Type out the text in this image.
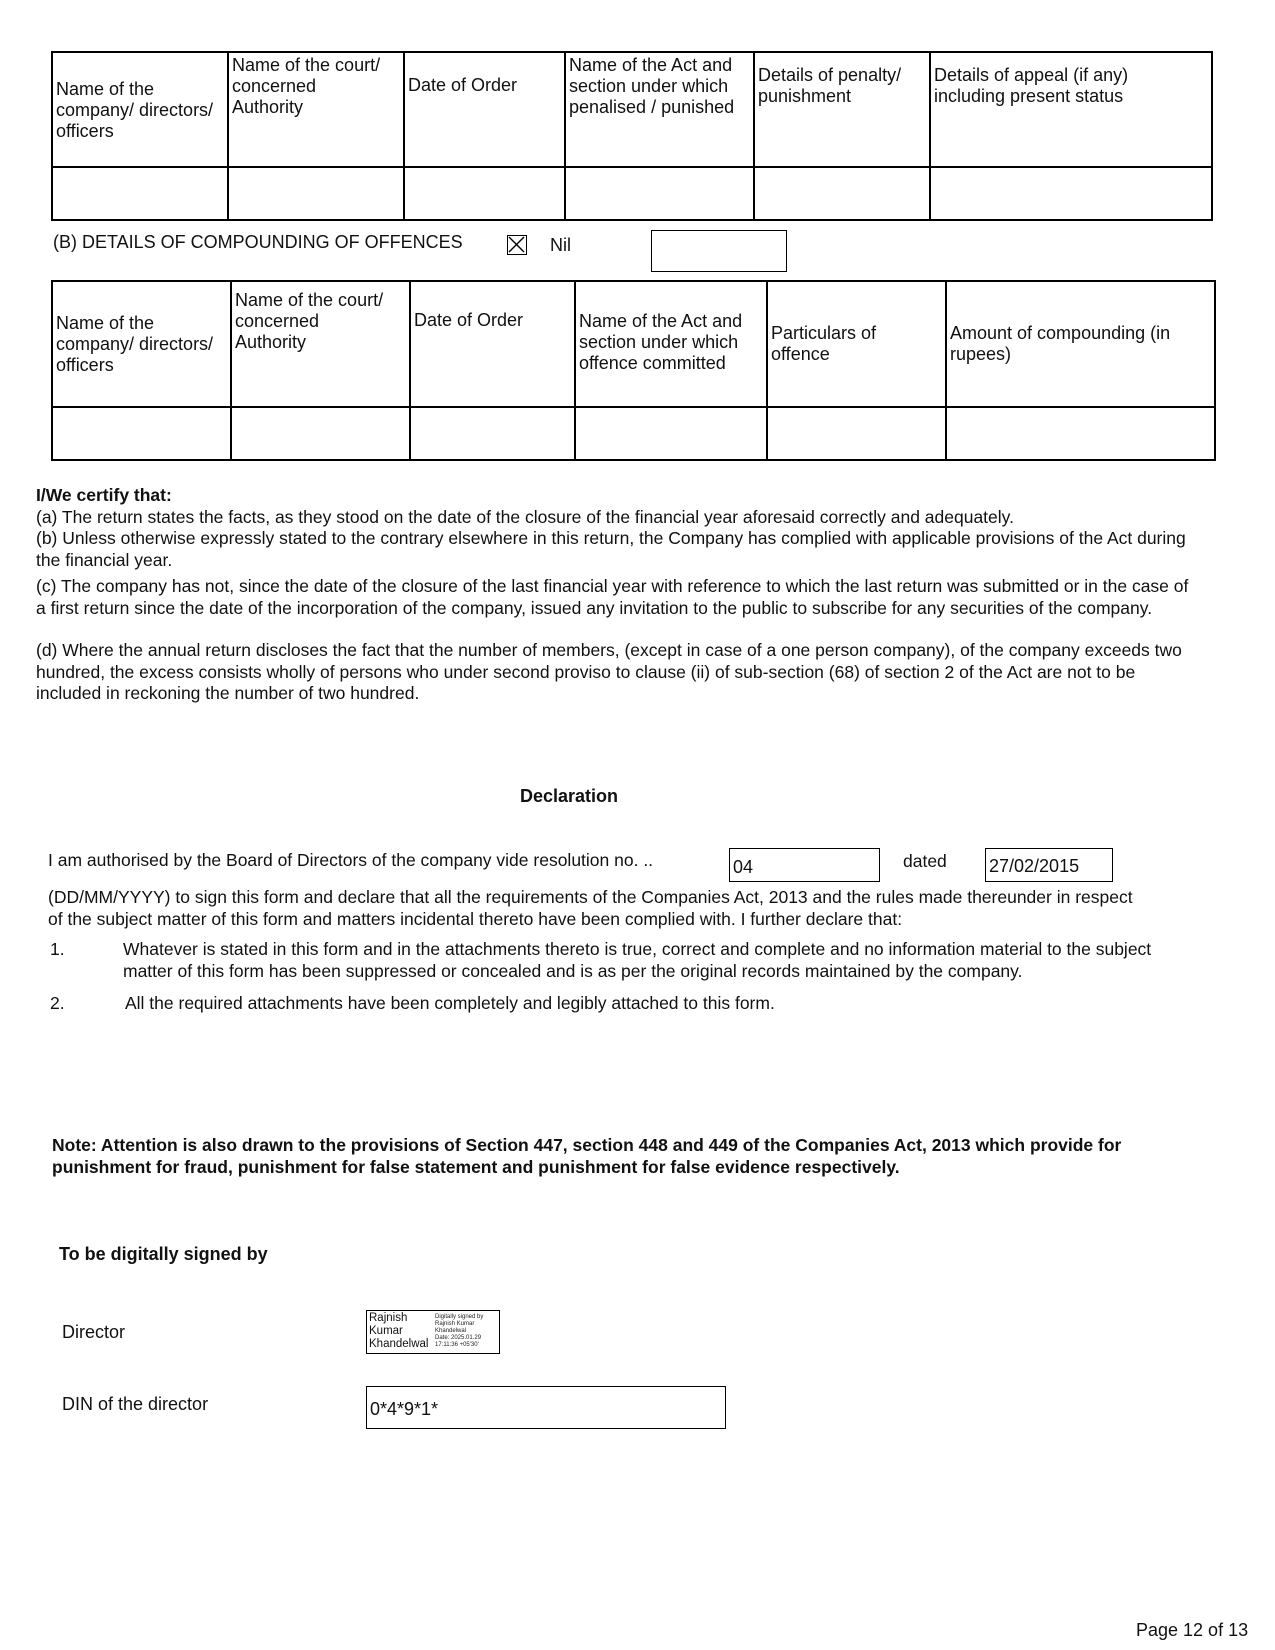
Name of the
company/ directors/
officers	Name of the court/
concerned
Authority	Date of Order	Name of the Act and
section under which
penalised / punished	Details of penalty/
punishment	Details of appeal (if any)
including present status

(B) DETAILS OF COMPOUNDING OF OFFENCES	Nil
Name of the
company/ directors/
officers	Name of the court/
concerned
Authority	Date of Order	Name of the Act and
section under which
offence committed	Particulars of
offence	Amount of compounding (in
rupees)

I/We certify that:
(a) The return states the facts, as they stood on the date of the closure of the financial year aforesaid correctly and adequately.
(b) Unless otherwise expressly stated to the contrary elsewhere in this return, the Company has complied with applicable provisions of the Act during the financial year.
(c) The company has not, since the date of the closure of the last financial year with reference to which the last return was submitted or in the case of a first return since the date of the incorporation of the company, issued any invitation to the public to subscribe for any securities of the company.
(d) Where the annual return discloses the fact that the number of members, (except in case of a one person company), of the company exceeds two hundred, the excess consists wholly of persons who under second proviso to clause (ii) of sub-section (68) of section 2 of the Act are not to be included in reckoning the number of two hundred.
Declaration
I am authorised by the Board of Directors of the company vide resolution no. ..	04	dated 27/02/2015
(DD/MM/YYYY) to sign this form and declare that all the requirements of the Companies Act, 2013 and the rules made thereunder in respect of the subject matter of this form and matters incidental thereto have been complied with. I further declare that:
1.	Whatever is stated in this form and in the attachments thereto is true, correct and complete and no information material to the subject matter of this form has been suppressed or concealed and is as per the original records maintained by the company.
2.	All the required attachments have been completely and legibly attached to this form.
Note: Attention is also drawn to the provisions of Section 447, section 448 and 449 of the Companies Act, 2013 which provide for punishment for fraud, punishment for false statement and punishment for false evidence respectively.
To be digitally signed by
Director
Rajnish
Kumar
Khandelwal
Digitally signed by
Rajnish Kumar
Khandelwal
Date: 2025.01.29
17:11:36 +05'30'
DIN of the director	0*4*9*1*
Page 12 of 13
